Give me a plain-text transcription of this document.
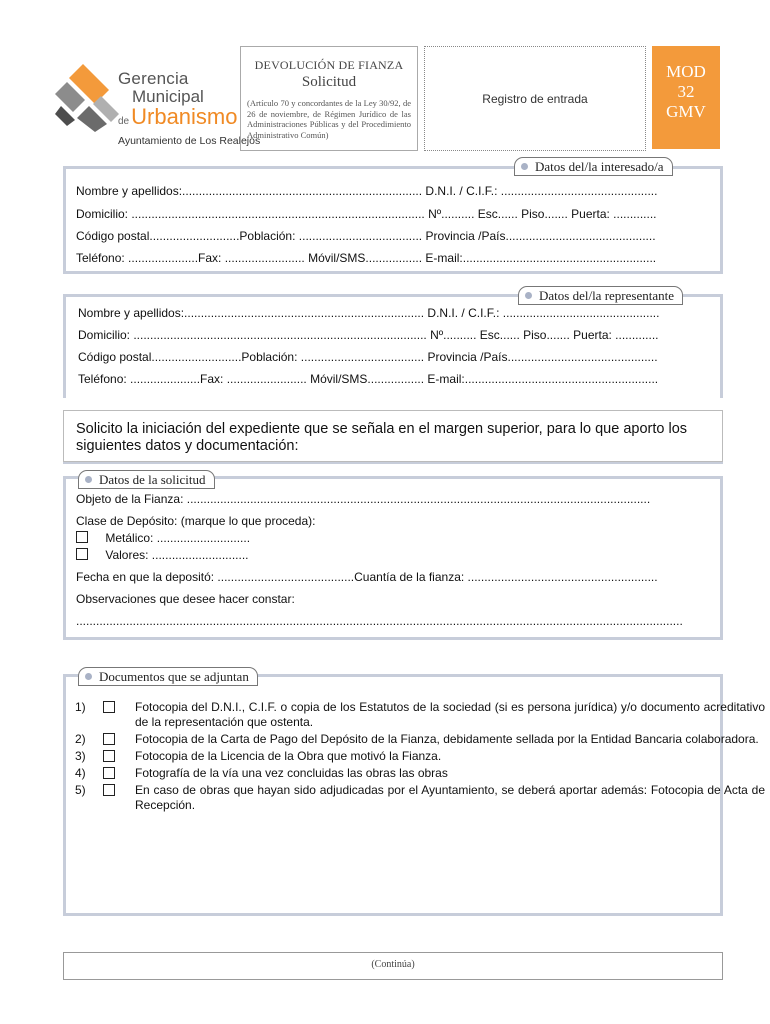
Gerencia
Municipal
deUrbanismo
Ayuntamiento de Los Realejos
DEVOLUCIÓN DE FIANZA
Solicitud
(Artículo 70 y concordantes de la Ley 30/92, de 26 de noviembre, de Régimen Jurídico de las Administraciones Públicas y del Procedimiento Administrativo Común)
Registro de entrada
MOD
32
GMV
Datos del/la interesado/a
Nombre y apellidos:........................................................................ D.N.I. / C.I.F.: ...............................................
Domicilio: ........................................................................................ Nº.......... Esc...... Piso....... Puerta: .............
Código postal...........................Población: ..................................... Provincia /País.............................................
Teléfono: .....................Fax: ........................ Móvil/SMS................. E-mail:..........................................................
Datos del/la representante
Nombre y apellidos:........................................................................ D.N.I. / C.I.F.: ...............................................
Domicilio: ........................................................................................ Nº.......... Esc...... Piso....... Puerta: .............
Código postal...........................Población: ..................................... Provincia /País.............................................
Teléfono: .....................Fax: ........................ Móvil/SMS................. E-mail:..........................................................

Solicito la iniciación del expediente que se señala en el margen superior, para lo que aporto los siguientes datos y documentación:

Datos de la solicitud
Objeto de la Fianza: ...........................................................................................................................................
Clase de Depósito: (marque lo que proceda):
Metálico: ............................
Valores: .............................
Fecha en que la depositó: .........................................Cuantía de la fianza: .........................................................
Observaciones que desee hacer constar:
......................................................................................................................................................................................
Documentos que se adjuntan
1)	Fotocopia del D.N.I., C.I.F. o copia de los Estatutos de la sociedad (si es persona jurídica) y/o documento acreditativo de la representación que ostenta.
2)	Fotocopia de la Carta de Pago del Depósito de la Fianza, debidamente sellada por la Entidad Bancaria colaboradora.
3)	Fotocopia de la Licencia de la Obra que motivó la Fianza.
4)	Fotografía de la vía una vez concluidas las obras las obras
5)	En caso de obras que hayan sido adjudicadas por el Ayuntamiento, se deberá aportar además: Fotocopia de Acta de Recepción.
(Continúa)
